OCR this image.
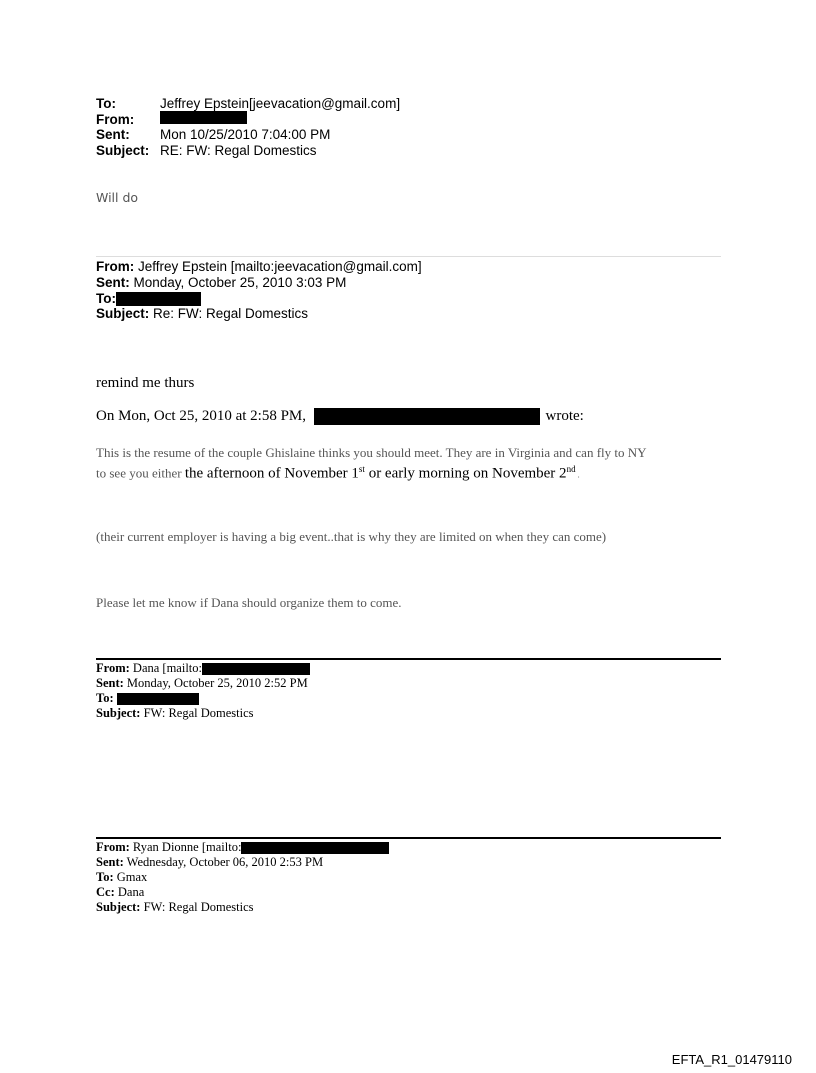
To:	Jeffrey Epstein[jeevacation@gmail.com]
From:
Sent: Mon 10/25/2010 7:04:00 PM
Subject: RE: FW: Regal Domestics
Will do
From: Jeffrey Epstein [mailto:jeevacation@gmail.com]
Sent: Monday, October 25, 2010 3:03 PM
To:
Subject: Re: FW: Regal Domestics
remind me thurs
On Mon, Oct 25, 2010 at 2:58 PM,	wrote:
This is the resume of the couple Ghislaine thinks you should meet. They are in Virginia and can fly to NY
to see you either the afternoon of November 1st or early morning on November 2nd .
(their current employer is having a big event..that is why they are limited on when they can come)
Please let me know if Dana should organize them to come.
From: Dana [mailto:
Sent: Monday, October 25, 2010 2:52 PM
To:
Subject: FW: Regal Domestics
From: Ryan Dionne [mailto:
Sent: Wednesday, October 06, 2010 2:53 PM
To: Gmax
Cc: Dana
Subject: FW: Regal Domestics
EFTA_R1_01479110
